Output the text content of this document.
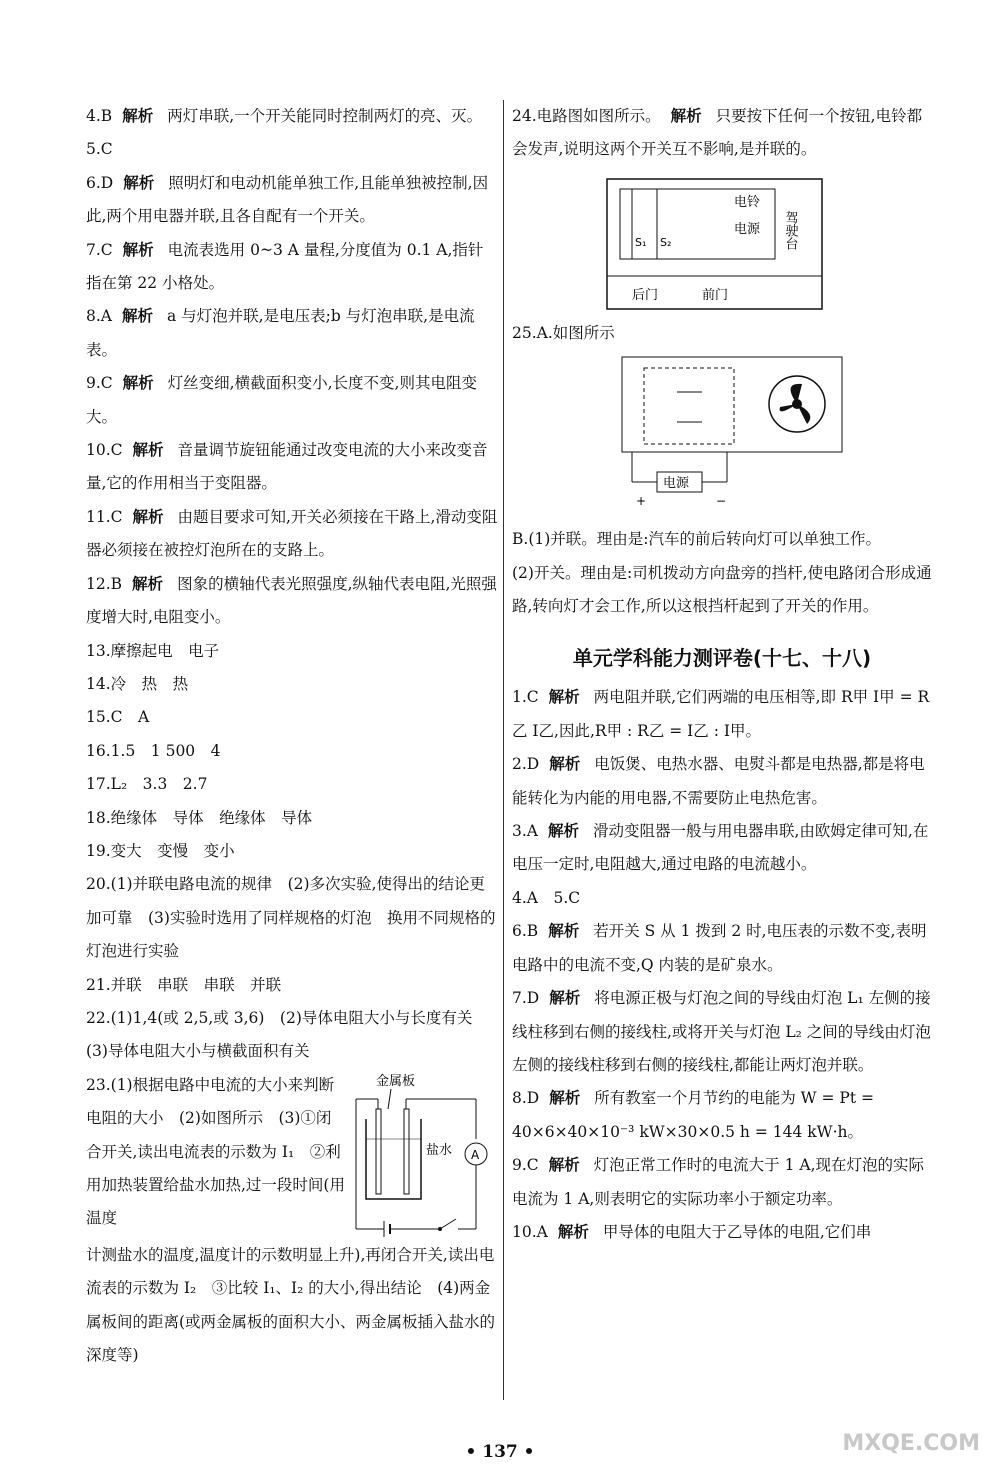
4.B 解析 两灯串联,一个开关能同时控制两灯的亮、灭。
5.C
6.D 解析 照明灯和电动机能单独工作,且能单独被控制,因此,两个用电器并联,且各自配有一个开关。
7.C 解析 电流表选用 0~3 A 量程,分度值为 0.1 A,指针指在第 22 小格处。
8.A 解析 a 与灯泡并联,是电压表;b 与灯泡串联,是电流表。
9.C 解析 灯丝变细,横截面积变小,长度不变,则其电阻变大。
10.C 解析 音量调节旋钮能通过改变电流的大小来改变音量,它的作用相当于变阻器。
11.C 解析 由题目要求可知,开关必须接在干路上,滑动变阻器必须接在被控灯泡所在的支路上。
12.B 解析 图象的横轴代表光照强度,纵轴代表电阻,光照强度增大时,电阻变小。
13.摩擦起电　电子
14.冷　热　热
15.C　A
16.1.5　1 500　4
17.L₂　3.3　2.7
18.绝缘体　导体　绝缘体　导体
19.变大　变慢　变小
20.(1)并联电路电流的规律　(2)多次实验,使得出的结论更加可靠　(3)实验时选用了同样规格的灯泡　换用不同规格的灯泡进行实验
21.并联　串联　串联　并联
22.(1)1,4(或 2,5,或 3,6)　(2)导体电阻大小与长度有关　(3)导体电阻大小与横截面积有关
23.(1)根据电路中电流的大小来判断电阻的大小　(2)如图所示　(3)①闭合开关,读出电流表的示数为 I₁　②利用加热装置给盐水加热,过一段时间(用温度
金属板
盐水 A
计测盐水的温度,温度计的示数明显上升),再闭合开关,读出电流表的示数为 I₂　③比较 I₁、I₂ 的大小,得出结论　(4)两金属板间的距离(或两金属板的面积大小、两金属板插入盐水的深度等)
24.电路图如图所示。 解析 只要按下任何一个按钮,电铃都会发声,说明这两个开关互不影响,是并联的。
S₁ S₂
电铃
电源 驾驶台
后门	前门
25.A.如图所示
电源
+	−
B.(1)并联。理由是:汽车的前后转向灯可以单独工作。
(2)开关。理由是:司机拨动方向盘旁的挡杆,使电路闭合形成通路,转向灯才会工作,所以这根挡杆起到了开关的作用。
单元学科能力测评卷(十七、十八)
1.C 解析 两电阻并联,它们两端的电压相等,即 R甲 I甲 = R乙 I乙,因此,R甲 : R乙 = I乙 : I甲。
2.D 解析 电饭煲、电热水器、电熨斗都是电热器,都是将电能转化为内能的用电器,不需要防止电热危害。
3.A 解析 滑动变阻器一般与用电器串联,由欧姆定律可知,在电压一定时,电阻越大,通过电路的电流越小。
4.A　5.C
6.B 解析 若开关 S 从 1 拨到 2 时,电压表的示数不变,表明电路中的电流不变,Q 内装的是矿泉水。
7.D 解析 将电源正极与灯泡之间的导线由灯泡 L₁ 左侧的接线柱移到右侧的接线柱,或将开关与灯泡 L₂ 之间的导线由灯泡左侧的接线柱移到右侧的接线柱,都能让两灯泡并联。
8.D 解析 所有教室一个月节约的电能为 W = Pt = 40×6×40×10⁻³ kW×30×0.5 h = 144 kW·h。
9.C 解析 灯泡正常工作时的电流大于 1 A,现在灯泡的实际电流为 1 A,则表明它的实际功率小于额定功率。
10.A 解析 甲导体的电阻大于乙导体的电阻,它们串
• 137 •	MXQE.COM
